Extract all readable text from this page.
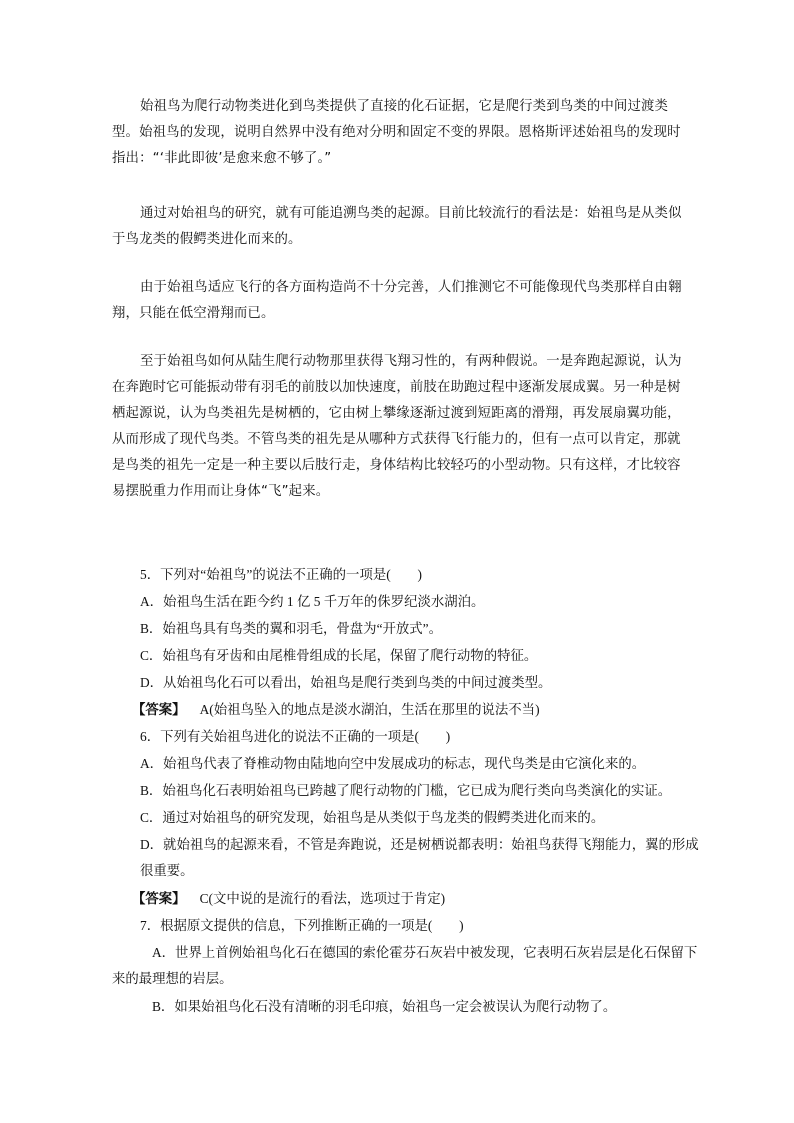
始祖鸟为爬行动物类进化到鸟类提供了直接的化石证据，它是爬行类到鸟类的中间过渡类型。始祖鸟的发现，说明自然界中没有绝对分明和固定不变的界限。恩格斯评述始祖鸟的发现时指出：“‘非此即彼’是愈来愈不够了。”

通过对始祖鸟的研究，就有可能追溯鸟类的起源。目前比较流行的看法是：始祖鸟是从类似于鸟龙类的假鳄类进化而来的。

由于始祖鸟适应飞行的各方面构造尚不十分完善，人们推测它不可能像现代鸟类那样自由翱翔，只能在低空滑翔而已。

至于始祖鸟如何从陆生爬行动物那里获得飞翔习性的，有两种假说。一是奔跑起源说，认为在奔跑时它可能振动带有羽毛的前肢以加快速度，前肢在助跑过程中逐渐发展成翼。另一种是树栖起源说，认为鸟类祖先是树栖的，它由树上攀缘逐渐过渡到短距离的滑翔，再发展扇翼功能，从而形成了现代鸟类。不管鸟类的祖先是从哪种方式获得飞行能力的，但有一点可以肯定，那就是鸟类的祖先一定是一种主要以后肢行走，身体结构比较轻巧的小型动物。只有这样，才比较容易摆脱重力作用而让身体“飞”起来。

5．下列对“始祖鸟”的说法不正确的一项是(　　)

A．始祖鸟生活在距今约 1 亿 5 千万年的侏罗纪淡水湖泊。

B．始祖鸟具有鸟类的翼和羽毛，骨盘为“开放式”。

C．始祖鸟有牙齿和由尾椎骨组成的长尾，保留了爬行动物的特征。

D．从始祖鸟化石可以看出，始祖鸟是爬行类到鸟类的中间过渡类型。

【答案】 A(始祖鸟坠入的地点是淡水湖泊，生活在那里的说法不当)

6．下列有关始祖鸟进化的说法不正确的一项是(　　)

A．始祖鸟代表了脊椎动物由陆地向空中发展成功的标志，现代鸟类是由它演化来的。

B．始祖鸟化石表明始祖鸟已跨越了爬行动物的门槛，它已成为爬行类向鸟类演化的实证。

C．通过对始祖鸟的研究发现，始祖鸟是从类似于鸟龙类的假鳄类进化而来的。

D．就始祖鸟的起源来看，不管是奔跑说，还是树栖说都表明：始祖鸟获得飞翔能力，翼的形成很重要。

【答案】 C(文中说的是流行的看法，选项过于肯定)

7．根据原文提供的信息，下列推断正确的一项是(　　)

A．世界上首例始祖鸟化石在德国的索伦霍芬石灰岩中被发现，它表明石灰岩层是化石保留下来的最理想的岩层。

B．如果始祖鸟化石没有清晰的羽毛印痕，始祖鸟一定会被误认为爬行动物了。
